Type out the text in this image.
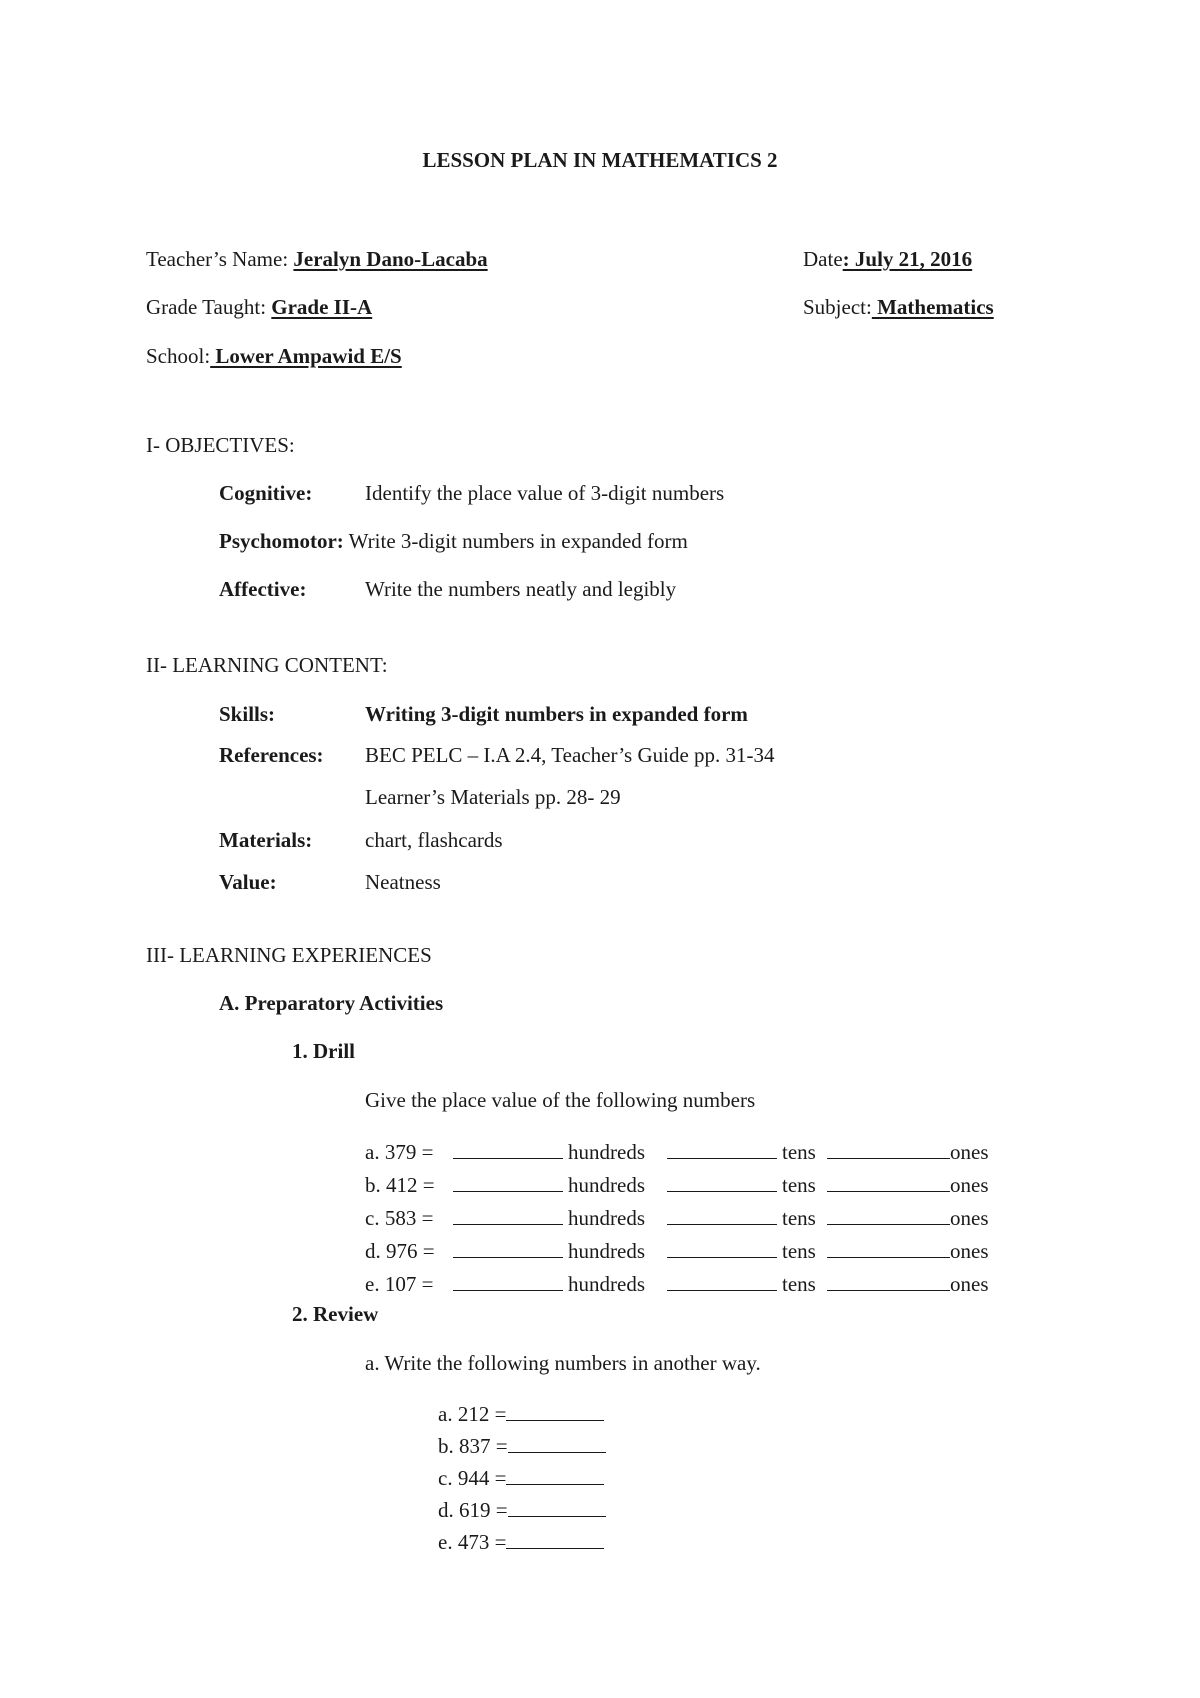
LESSON PLAN IN MATHEMATICS 2
Teacher’s Name: Jeralyn Dano-Lacaba	Date: July 21, 2016
Grade Taught: Grade II-A	Subject: Mathematics
School: Lower Ampawid E/S
I- OBJECTIVES:
Cognitive:	Identify the place value of 3-digit numbers
Psychomotor: Write 3-digit numbers in expanded form
Affective:	Write the numbers neatly and legibly
II- LEARNING CONTENT:
Skills:	Writing 3-digit numbers in expanded form
References: BEC PELC – I.A 2.4, Teacher’s Guide pp. 31-34
Learner’s Materials pp. 28- 29
Materials:	chart, flashcards
Value:	Neatness
III- LEARNING EXPERIENCES
A. Preparatory Activities
1. Drill
Give the place value of the following numbers
a. 379 =	hundreds	tens	ones
b. 412 =	hundreds	tens	ones
c. 583 =	hundreds	tens	ones
d. 976 =	hundreds	tens	ones
e. 107 =	hundreds	tens	ones
2. Review
a. Write the following numbers in another way.
a. 212 =
b. 837 =
c. 944 =
d. 619 =
e. 473 =
